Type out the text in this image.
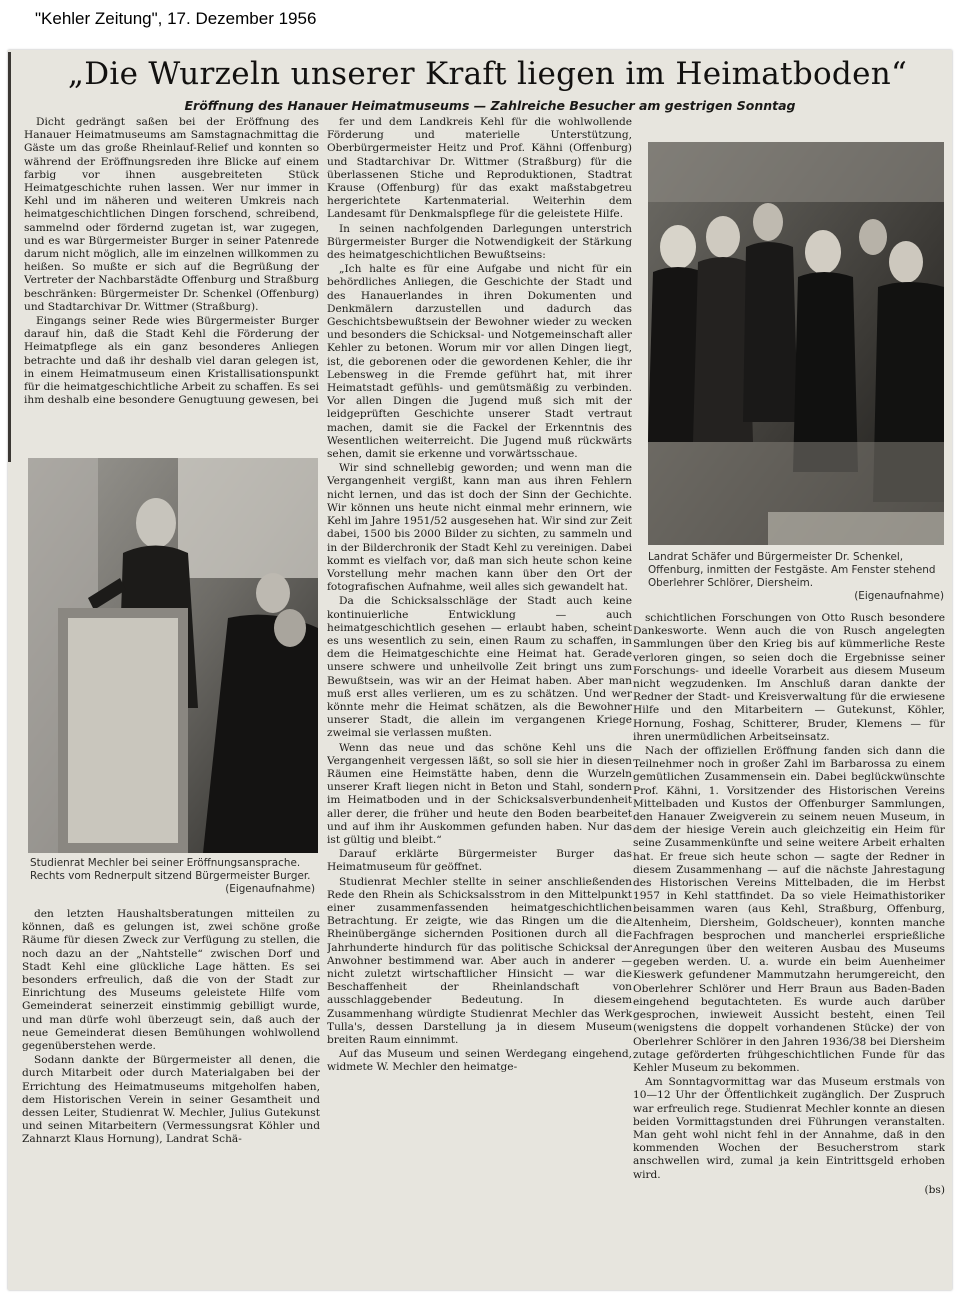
"Kehler Zeitung", 17. Dezember 1956
„Die Wurzeln unserer Kraft liegen im Heimatboden“
Eröffnung des Hanauer Heimatmuseums — Zahlreiche Besucher am gestrigen Sonntag

Dicht gedrängt saßen bei der Eröffnung des Hanauer Heimatmuseums am Samstagnachmittag die Gäste um das große Rheinlauf-Relief und konnten so während der Eröffnungsreden ihre Blicke auf einem farbig vor ihnen ausgebreiteten Stück Heimatgeschichte ruhen lassen. Wer nur immer in Kehl und im näheren und weiteren Umkreis nach heimatgeschichtlichen Dingen forschend, schreibend, sammelnd oder fördernd zugetan ist, war zugegen, und es war Bürgermeister Burger in seiner Patenrede darum nicht möglich, alle im einzelnen willkommen zu heißen. So mußte er sich auf die Begrüßung der Vertreter der Nachbarstädte Offenburg und Straßburg beschränken: Bürgermeister Dr. Schenkel (Offenburg) und Stadtarchivar Dr. Wittmer (Straßburg).

Eingangs seiner Rede wies Bürgermeister Burger darauf hin, daß die Stadt Kehl die Förderung der Heimatpflege als ein ganz besonderes Anliegen betrachte und daß ihr deshalb viel daran gelegen ist, in einem Heimatmuseum einen Kristallisationspunkt für die heimatgeschichtliche Arbeit zu schaffen. Es sei ihm deshalb eine besondere Genugtuung gewesen, bei

Studienrat Mechler bei seiner Eröffnungsansprache. Rechts vom Rednerpult sitzend Bürgermeister Burger.
(Eigenaufnahme)

den letzten Haushaltsberatungen mitteilen zu können, daß es gelungen ist, zwei schöne große Räume für diesen Zweck zur Verfügung zu stellen, die noch dazu an der „Nahtstelle“ zwischen Dorf und Stadt Kehl eine glückliche Lage hätten. Es sei besonders erfreulich, daß die von der Stadt zur Einrichtung des Museums geleistete Hilfe vom Gemeinderat seinerzeit einstimmig gebilligt wurde, und man dürfe wohl überzeugt sein, daß auch der neue Gemeinderat diesen Bemühungen wohlwollend gegenüberstehen werde.

Sodann dankte der Bürgermeister all denen, die durch Mitarbeit oder durch Materialgaben bei der Errichtung des Heimatmuseums mitgeholfen haben, dem Historischen Verein in seiner Gesamtheit und dessen Leiter, Studienrat W. Mechler, Julius Gutekunst und seinen Mitarbeitern (Vermessungsrat Köhler und Zahnarzt Klaus Hornung), Landrat Schä-

fer und dem Landkreis Kehl für die wohlwollende Förderung und materielle Unterstützung, Oberbürgermeister Heitz und Prof. Kähni (Offenburg) und Stadtarchivar Dr. Wittmer (Straßburg) für die überlassenen Stiche und Reproduktionen, Stadtrat Krause (Offenburg) für das exakt maßstabgetreu hergerichtete Kartenmaterial. Weiterhin dem Landesamt für Denkmalspflege für die geleistete Hilfe.

In seinen nachfolgenden Darlegungen unterstrich Bürgermeister Burger die Notwendigkeit der Stärkung des heimatgeschichtlichen Bewußtseins:

„Ich halte es für eine Aufgabe und nicht für ein behördliches Anliegen, die Geschichte der Stadt und des Hanauerlandes in ihren Dokumenten und Denkmälern darzustellen und dadurch das Geschichtsbewußtsein der Bewohner wieder zu wecken und besonders die Schicksal- und Notgemeinschaft aller Kehler zu betonen. Worum mir vor allen Dingen liegt, ist, die geborenen oder die gewordenen Kehler, die ihr Lebensweg in die Fremde geführt hat, mit ihrer Heimatstadt gefühls- und gemütsmäßig zu verbinden. Vor allen Dingen die Jugend muß sich mit der leidgeprüften Geschichte unserer Stadt vertraut machen, damit sie die Fackel der Erkenntnis des Wesentlichen weiterreicht. Die Jugend muß rückwärts sehen, damit sie erkenne und vorwärtsschaue.

Wir sind schnellebig geworden; und wenn man die Vergangenheit vergißt, kann man aus ihren Fehlern nicht lernen, und das ist doch der Sinn der Gechichte. Wir können uns heute nicht einmal mehr erinnern, wie Kehl im Jahre 1951/52 ausgesehen hat. Wir sind zur Zeit dabei, 1500 bis 2000 Bilder zu sichten, zu sammeln und in der Bilderchronik der Stadt Kehl zu vereinigen. Dabei kommt es vielfach vor, daß man sich heute schon keine Vorstellung mehr machen kann über den Ort der fotografischen Aufnahme, weil alles sich gewandelt hat.

Da die Schicksalsschläge der Stadt auch keine kontinuierliche Entwicklung — auch heimatgeschichtlich gesehen — erlaubt haben, scheint es uns wesentlich zu sein, einen Raum zu schaffen, in dem die Heimatgeschichte eine Heimat hat. Gerade unsere schwere und unheilvolle Zeit bringt uns zum Bewußtsein, was wir an der Heimat haben. Aber man muß erst alles verlieren, um es zu schätzen. Und wer könnte mehr die Heimat schätzen, als die Bewohner unserer Stadt, die allein im vergangenen Kriege zweimal sie verlassen mußten.

Wenn das neue und das schöne Kehl uns die Vergangenheit vergessen läßt, so soll sie hier in diesen Räumen eine Heimstätte haben, denn die Wurzeln unserer Kraft liegen nicht in Beton und Stahl, sondern im Heimatboden und in der Schicksalsverbundenheit aller derer, die früher und heute den Boden bearbeitet und auf ihm ihr Auskommen gefunden haben. Nur das ist gültig und bleibt.“

Darauf erklärte Bürgermeister Burger das Heimatmuseum für geöffnet.

Studienrat Mechler stellte in seiner anschließenden Rede den Rhein als Schicksalsstrom in den Mittelpunkt einer zusammenfassenden heimatgeschichtlichen Betrachtung. Er zeigte, wie das Ringen um die die Rheinübergänge sichernden Positionen durch all die Jahrhunderte hindurch für das politische Schicksal der Anwohner bestimmend war. Aber auch in anderer — nicht zuletzt wirtschaftlicher Hinsicht — war die Beschaffenheit der Rheinlandschaft von ausschlaggebender Bedeutung. In diesem Zusammenhang würdigte Studienrat Mechler das Werk Tulla's, dessen Darstellung ja in diesem Museum breiten Raum einnimmt.

Auf das Museum und seinen Werdegang eingehend, widmete W. Mechler den heimatge-

Landrat Schäfer und Bürgermeister Dr. Schenkel, Offenburg, inmitten der Festgäste. Am Fenster stehend Oberlehrer Schlörer, Diersheim.
(Eigenaufnahme)

schichtlichen Forschungen von Otto Rusch besondere Dankesworte. Wenn auch die von Rusch angelegten Sammlungen über den Krieg bis auf kümmerliche Reste verloren gingen, so seien doch die Ergebnisse seiner Forschungs- und ideelle Vorarbeit aus diesem Museum nicht wegzudenken. Im Anschluß daran dankte der Redner der Stadt- und Kreisverwaltung für die erwiesene Hilfe und den Mitarbeitern — Gutekunst, Köhler, Hornung, Foshag, Schitterer, Bruder, Klemens — für ihren unermüdlichen Arbeitseinsatz.

Nach der offiziellen Eröffnung fanden sich dann die Teilnehmer noch in großer Zahl im Barbarossa zu einem gemütlichen Zusammensein ein. Dabei beglückwünschte Prof. Kähni, 1. Vorsitzender des Historischen Vereins Mittelbaden und Kustos der Offenburger Sammlungen, den Hanauer Zweigverein zu seinem neuen Museum, in dem der hiesige Verein auch gleichzeitig ein Heim für seine Zusammenkünfte und seine weitere Arbeit erhalten hat. Er freue sich heute schon — sagte der Redner in diesem Zusammenhang — auf die nächste Jahrestagung des Historischen Vereins Mittelbaden, die im Herbst 1957 in Kehl stattfindet. Da so viele Heimathistoriker beisammen waren (aus Kehl, Straßburg, Offenburg, Altenheim, Diersheim, Goldscheuer), konnten manche Fachfragen besprochen und mancherlei ersprießliche Anregungen über den weiteren Ausbau des Museums gegeben werden. U. a. wurde ein beim Auenheimer Kieswerk gefundener Mammutzahn herumgereicht, den Oberlehrer Schlörer und Herr Braun aus Baden-Baden eingehend begutachteten. Es wurde auch darüber gesprochen, inwieweit Aussicht besteht, einen Teil (wenigstens die doppelt vorhandenen Stücke) der von Oberlehrer Schlörer in den Jahren 1936/38 bei Diersheim zutage geförderten frühgeschichtlichen Funde für das Kehler Museum zu bekommen.

Am Sonntagvormittag war das Museum erstmals von 10—12 Uhr der Öffentlichkeit zugänglich. Der Zuspruch war erfreulich rege. Studienrat Mechler konnte an diesen beiden Vormittagstunden drei Führungen veranstalten. Man geht wohl nicht fehl in der Annahme, daß in den kommenden Wochen der Besucherstrom stark anschwellen wird, zumal ja kein Eintrittsgeld erhoben wird.

(bs)
